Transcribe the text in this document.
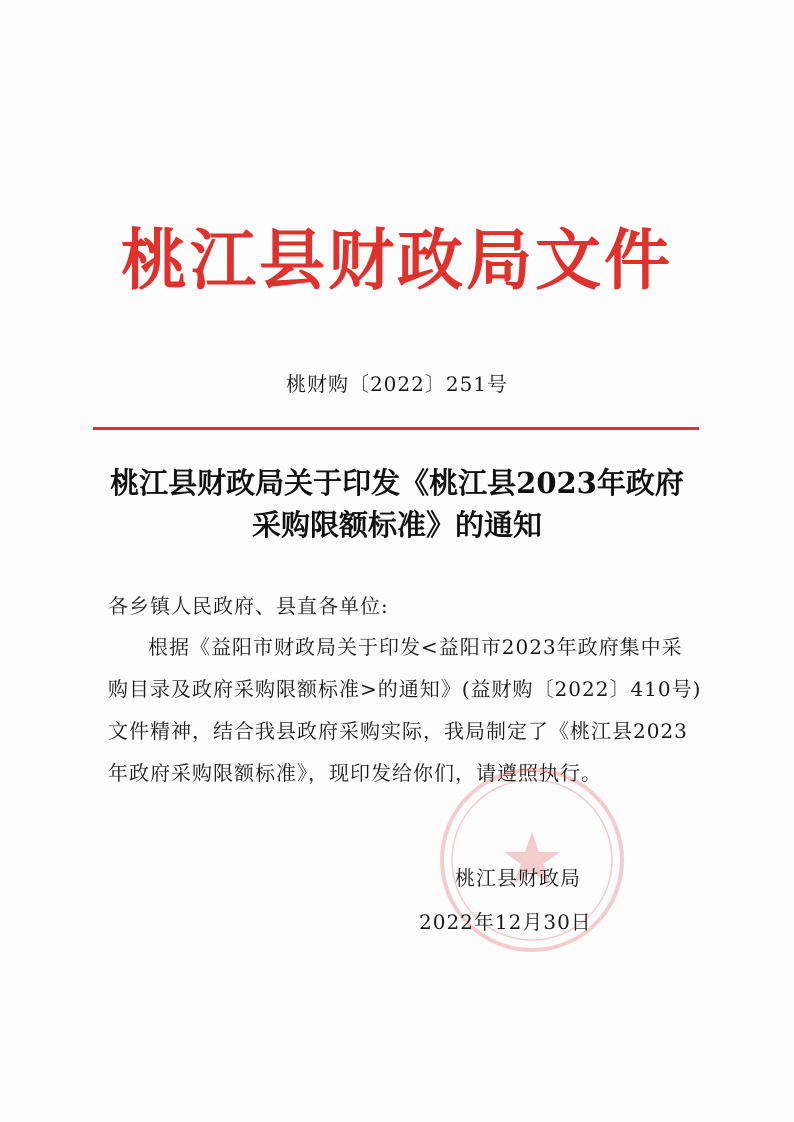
桃江县财政局文件
桃财购〔2022〕251号
桃江县财政局关于印发《桃江县2023年政府
采购限额标准》的通知
各乡镇人民政府、县直各单位:
根据《益阳市财政局关于印发<益阳市2023年政府集中采
购目录及政府采购限额标准>的通知》(益财购〔2022〕410号)
文件精神，结合我县政府采购实际，我局制定了《桃江县2023
年政府采购限额标准》，现印发给你们，请遵照执行。
桃江县财政局
2022年12月30日
